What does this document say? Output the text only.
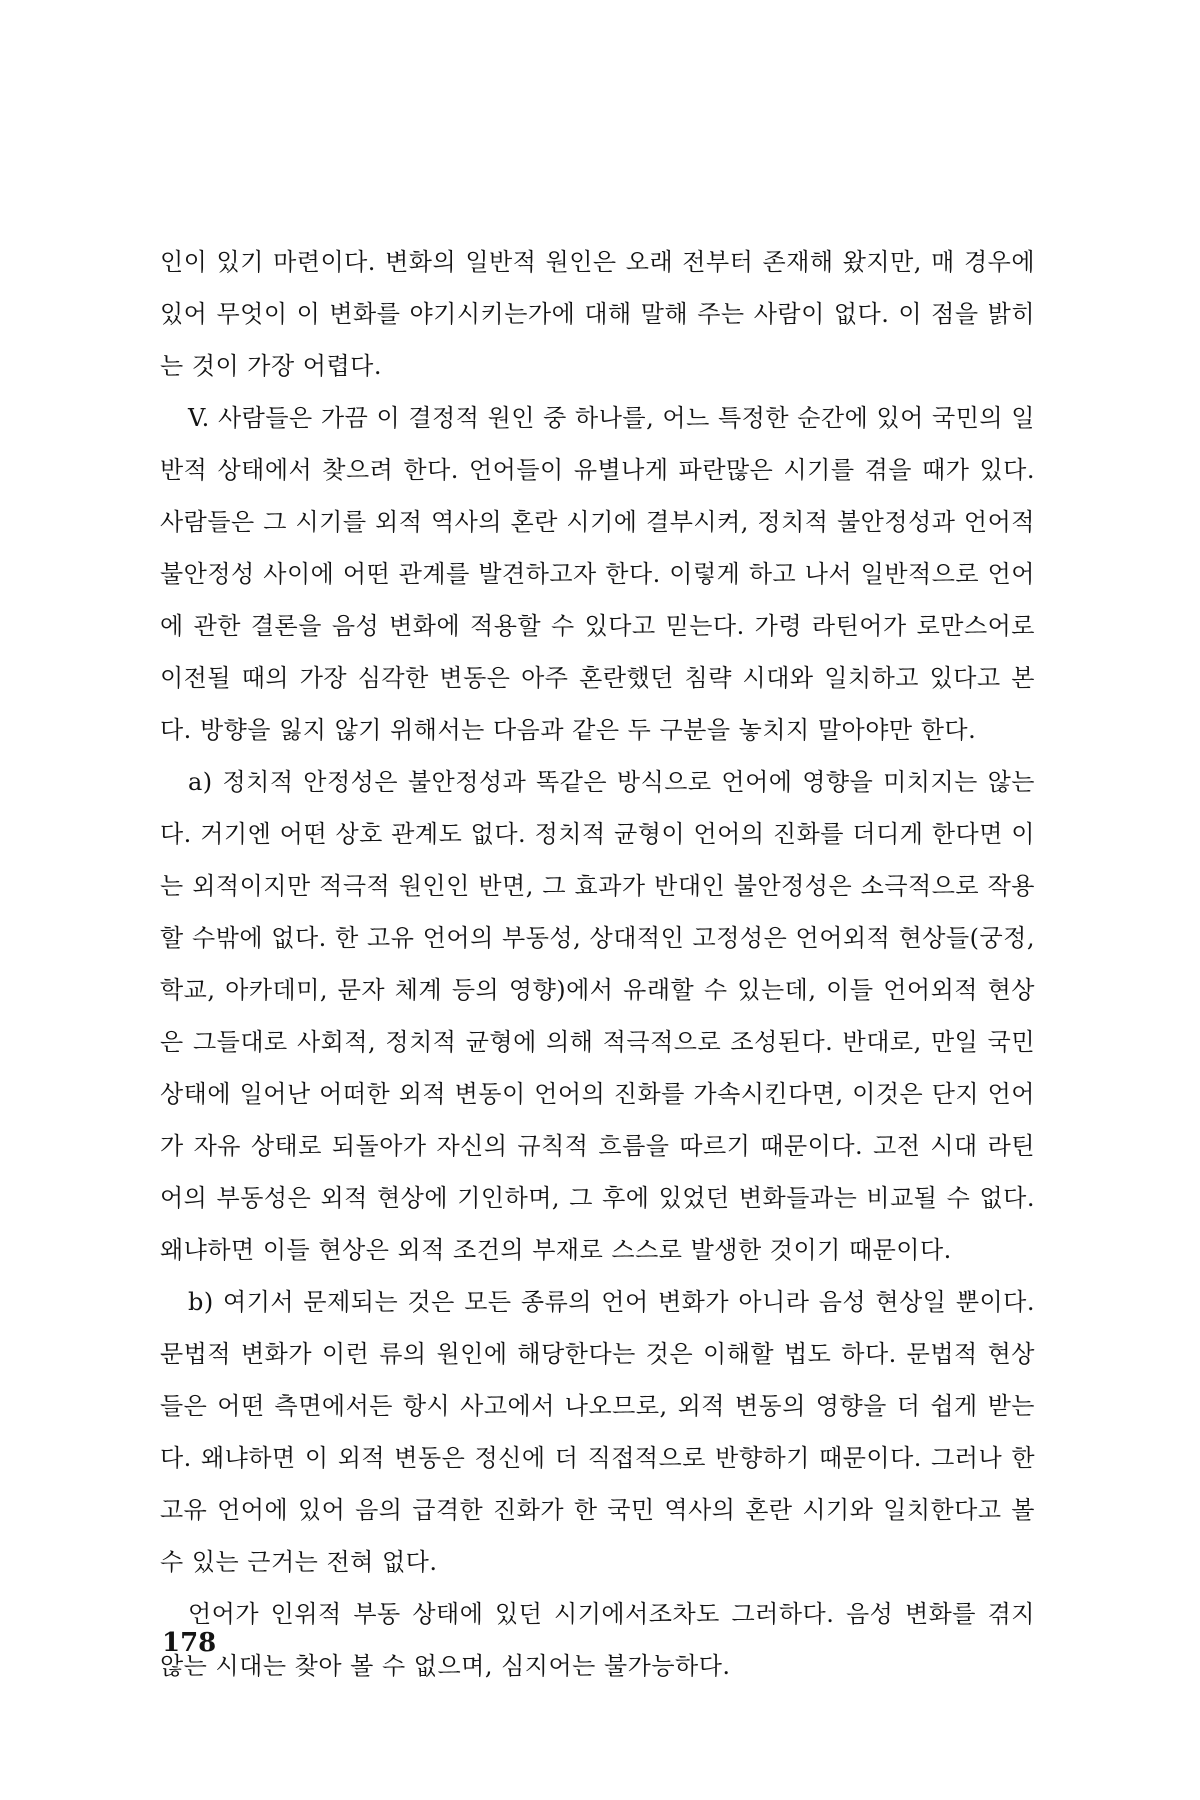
인이 있기 마련이다. 변화의 일반적 원인은 오래 전부터 존재해 왔지만, 매 경우에 있어 무엇이 이 변화를 야기시키는가에 대해 말해 주는 사람이 없다. 이 점을 밝히는 것이 가장 어렵다.

V. 사람들은 가끔 이 결정적 원인 중 하나를, 어느 특정한 순간에 있어 국민의 일반적 상태에서 찾으려 한다. 언어들이 유별나게 파란많은 시기를 겪을 때가 있다. 사람들은 그 시기를 외적 역사의 혼란 시기에 결부시켜, 정치적 불안정성과 언어적 불안정성 사이에 어떤 관계를 발견하고자 한다. 이렇게 하고 나서 일반적으로 언어에 관한 결론을 음성 변화에 적용할 수 있다고 믿는다. 가령 라틴어가 로만스어로 이전될 때의 가장 심각한 변동은 아주 혼란했던 침략 시대와 일치하고 있다고 본다. 방향을 잃지 않기 위해서는 다음과 같은 두 구분을 놓치지 말아야만 한다.

a) 정치적 안정성은 불안정성과 똑같은 방식으로 언어에 영향을 미치지는 않는다. 거기엔 어떤 상호 관계도 없다. 정치적 균형이 언어의 진화를 더디게 한다면 이는 외적이지만 적극적 원인인 반면, 그 효과가 반대인 불안정성은 소극적으로 작용할 수밖에 없다. 한 고유 언어의 부동성, 상대적인 고정성은 언어외적 현상들(궁정, 학교, 아카데미, 문자 체계 등의 영향)에서 유래할 수 있는데, 이들 언어외적 현상은 그들대로 사회적, 정치적 균형에 의해 적극적으로 조성된다. 반대로, 만일 국민 상태에 일어난 어떠한 외적 변동이 언어의 진화를 가속시킨다면, 이것은 단지 언어가 자유 상태로 되돌아가 자신의 규칙적 흐름을 따르기 때문이다. 고전 시대 라틴어의 부동성은 외적 현상에 기인하며, 그 후에 있었던 변화들과는 비교될 수 없다. 왜냐하면 이들 현상은 외적 조건의 부재로 스스로 발생한 것이기 때문이다.

b) 여기서 문제되는 것은 모든 종류의 언어 변화가 아니라 음성 현상일 뿐이다. 문법적 변화가 이런 류의 원인에 해당한다는 것은 이해할 법도 하다. 문법적 현상들은 어떤 측면에서든 항시 사고에서 나오므로, 외적 변동의 영향을 더 쉽게 받는다. 왜냐하면 이 외적 변동은 정신에 더 직접적으로 반향하기 때문이다. 그러나 한 고유 언어에 있어 음의 급격한 진화가 한 국민 역사의 혼란 시기와 일치한다고 볼 수 있는 근거는 전혀 없다.

언어가 인위적 부동 상태에 있던 시기에서조차도 그러하다. 음성 변화를 겪지 않는 시대는 찾아 볼 수 없으며, 심지어는 불가능하다.

178
